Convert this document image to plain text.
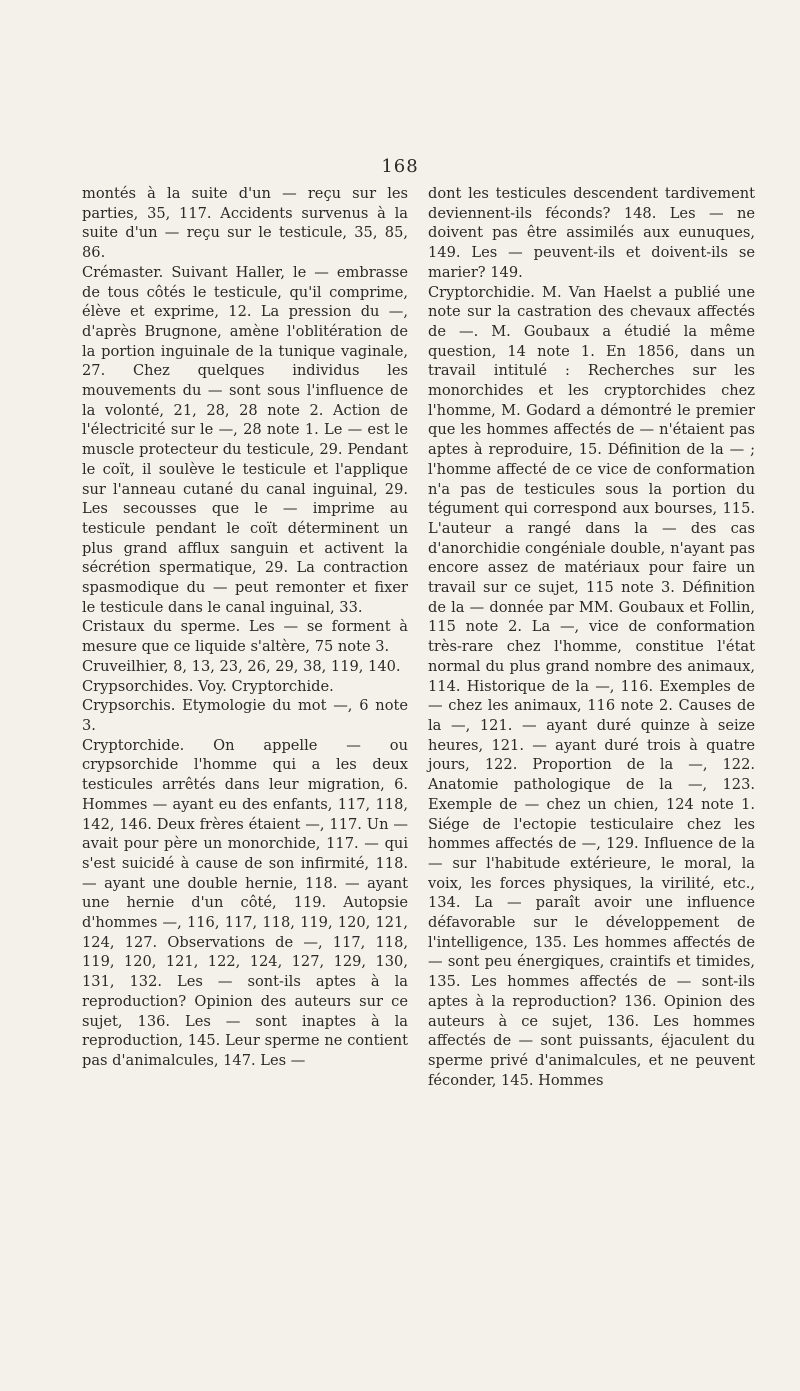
168

montés à la suite d'un — reçu sur les parties, 35, 117. Accidents survenus à la suite d'un — reçu sur le testicule, 35, 85, 86.

Crémaster. Suivant Haller, le — embrasse de tous côtés le testicule, qu'il comprime, élève et exprime, 12. La pression du —, d'après Brugnone, amène l'oblitération de la portion inguinale de la tunique vaginale, 27. Chez quelques individus les mouvements du — sont sous l'influence de la volonté, 21, 28, 28 note 2. Action de l'électricité sur le —, 28 note 1. Le — est le muscle protecteur du testicule, 29. Pendant le coït, il soulève le testicule et l'applique sur l'anneau cutané du canal inguinal, 29. Les secousses que le — imprime au testicule pendant le coït déterminent un plus grand afflux sanguin et activent la sécrétion spermatique, 29. La contraction spasmodique du — peut remonter et fixer le testicule dans le canal inguinal, 33.

Cristaux du sperme. Les — se forment à mesure que ce liquide s'altère, 75 note 3.

Cruveilhier, 8, 13, 23, 26, 29, 38, 119, 140.

Crypsorchides. Voy. Cryptorchide.

Crypsorchis. Etymologie du mot —, 6 note 3.

Cryptorchide. On appelle — ou crypsorchide l'homme qui a les deux testicules arrêtés dans leur migration, 6. Hommes — ayant eu des enfants, 117, 118, 142, 146. Deux frères étaient —, 117. Un — avait pour père un monorchide, 117. — qui s'est suicidé à cause de son infirmité, 118. — ayant une double hernie, 118. — ayant une hernie d'un côté, 119. Autopsie d'hommes —, 116, 117, 118, 119, 120, 121, 124, 127. Observations de —, 117, 118, 119, 120, 121, 122, 124, 127, 129, 130, 131, 132. Les — sont-ils aptes à la reproduction? Opinion des auteurs sur ce sujet, 136. Les — sont inaptes à la reproduction, 145. Leur sperme ne contient pas d'animalcules, 147. Les —

dont les testicules descendent tardivement deviennent-ils féconds? 148. Les — ne doivent pas être assimilés aux eunuques, 149. Les — peuvent-ils et doivent-ils se marier? 149.

Cryptorchidie. M. Van Haelst a publié une note sur la castration des chevaux affectés de —. M. Goubaux a étudié la même question, 14 note 1. En 1856, dans un travail intitulé : Recherches sur les monorchides et les cryptorchides chez l'homme, M. Godard a démontré le premier que les hommes affectés de — n'étaient pas aptes à reproduire, 15. Définition de la — ; l'homme affecté de ce vice de conformation n'a pas de testicules sous la portion du tégument qui correspond aux bourses, 115. L'auteur a rangé dans la — des cas d'anorchidie congéniale double, n'ayant pas encore assez de matériaux pour faire un travail sur ce sujet, 115 note 3. Définition de la — donnée par MM. Goubaux et Follin, 115 note 2. La —, vice de conformation très-rare chez l'homme, constitue l'état normal du plus grand nombre des animaux, 114. Historique de la —, 116. Exemples de — chez les animaux, 116 note 2. Causes de la —, 121. — ayant duré quinze à seize heures, 121. — ayant duré trois à quatre jours, 122. Proportion de la —, 122. Anatomie pathologique de la —, 123. Exemple de — chez un chien, 124 note 1. Siége de l'ectopie testiculaire chez les hommes affectés de —, 129. Influence de la — sur l'habitude extérieure, le moral, la voix, les forces physiques, la virilité, etc., 134. La — paraît avoir une influence défavorable sur le développement de l'intelligence, 135. Les hommes affectés de — sont peu énergiques, craintifs et timides, 135. Les hommes affectés de — sont-ils aptes à la reproduction? 136. Opinion des auteurs à ce sujet, 136. Les hommes affectés de — sont puissants, éjaculent du sperme privé d'animalcules, et ne peuvent féconder, 145. Hommes
